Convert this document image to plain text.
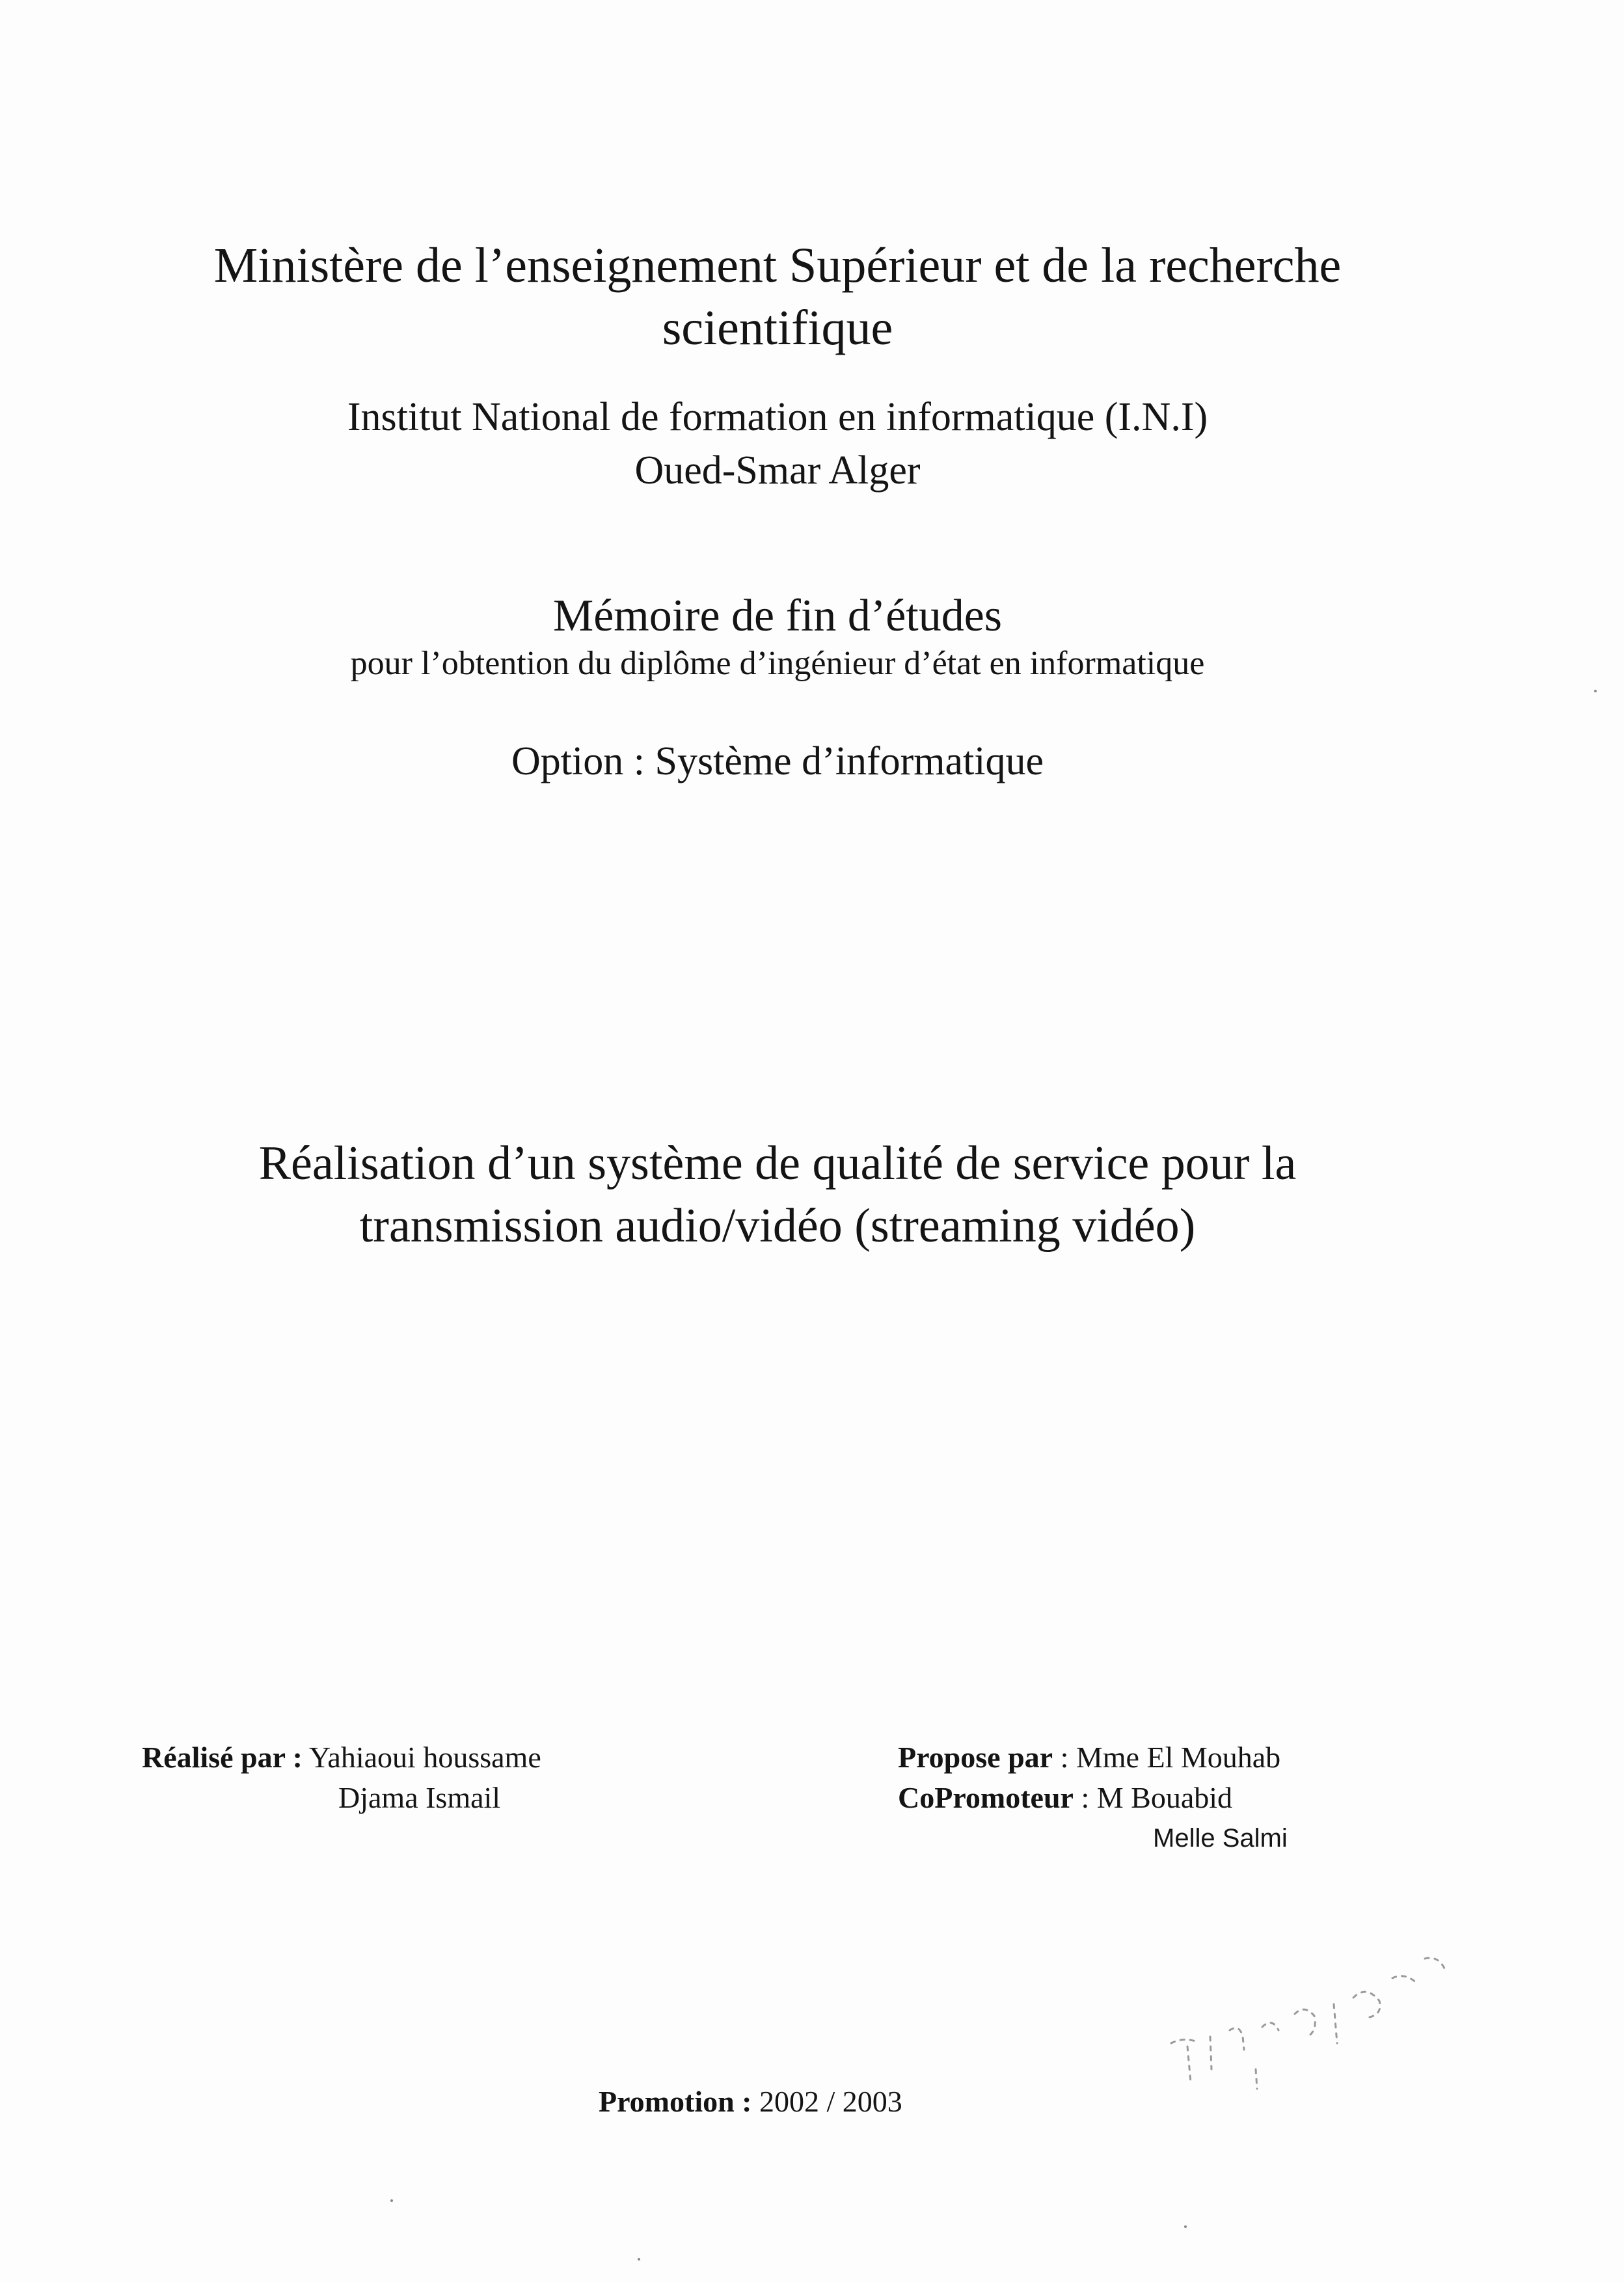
Ministère de l’enseignement Supérieur et de la recherche
scientifique
Institut National de formation en informatique (I.N.I)
Oued-Smar Alger
Mémoire de fin d’études
pour l’obtention du diplôme d’ingénieur d’état en informatique
Option : Système d’informatique
Réalisation d’un système de qualité de service pour la
transmission audio/vidéo (streaming vidéo)
Réalisé par : Yahiaoui houssame
Djama Ismail
Propose par : Mme El Mouhab
CoPromoteur : M Bouabid
Melle Salmi
Promotion : 2002 / 2003
